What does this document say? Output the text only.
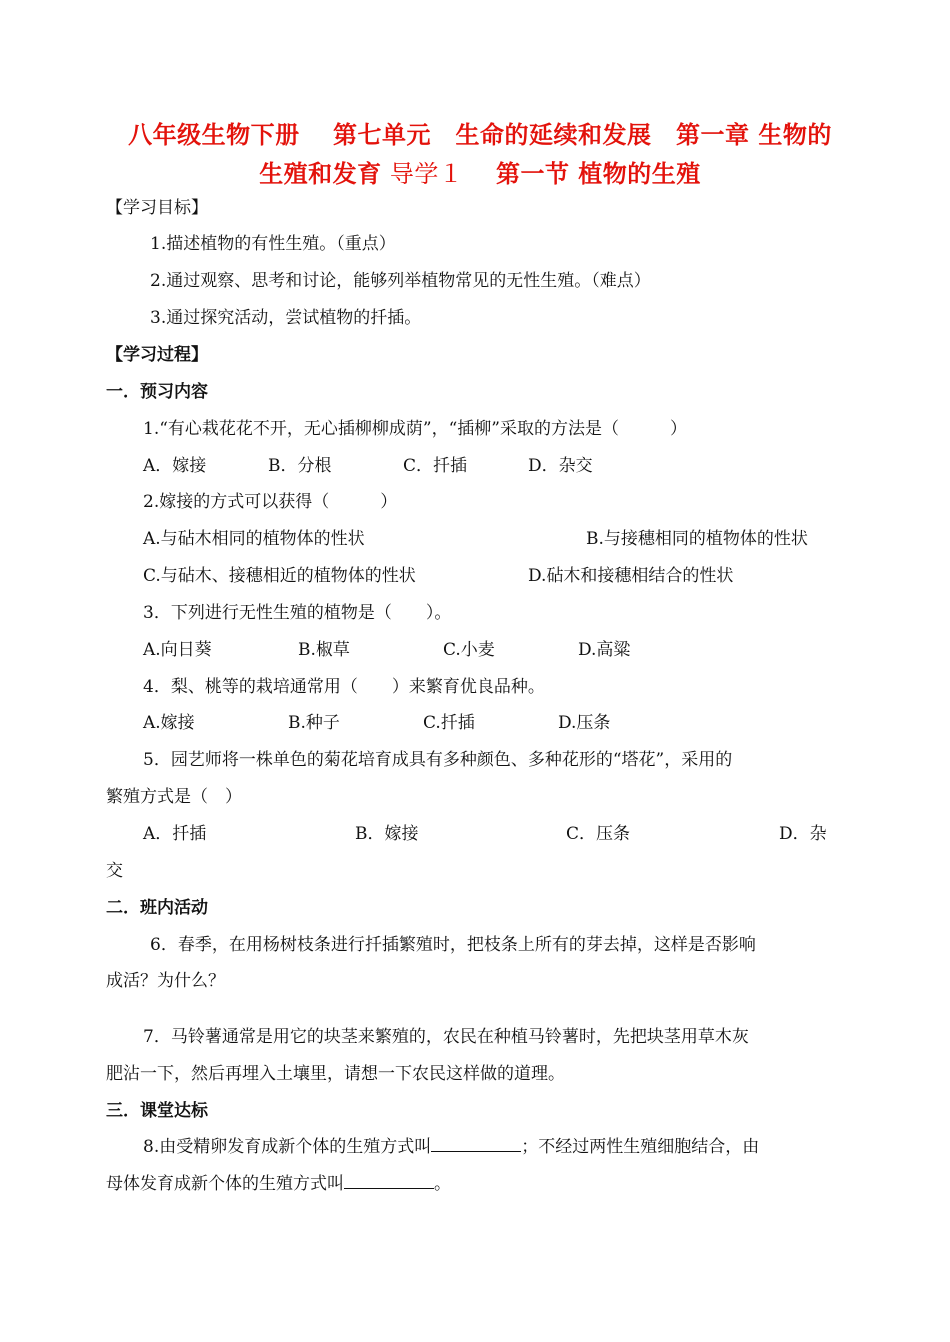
八年级生物下册　 第七单元　生命的延续和发展　第一章 生物的
生殖和发育 导学１ 　第一节 植物的生殖
【学习目标】
1.描述植物的有性生殖。（重点）
2.通过观察、思考和讨论，能够列举植物常见的无性生殖。（难点）
3.通过探究活动，尝试植物的扦插。
【学习过程】
一．预习内容
1.“有心栽花花不开，无心插柳柳成荫”，“插柳”采取的方法是（　　　）
A．嫁接	B．分根	C．扦插	D．杂交
2.嫁接的方式可以获得（　　　）
A.与砧木相同的植物体的性状	B.与接穗相同的植物体的性状
C.与砧木、接穗相近的植物体的性状	D.砧木和接穗相结合的性状
3．下列进行无性生殖的植物是（　　）。
A.向日葵	B.椒草	C.小麦	D.高粱
4．梨、桃等的栽培通常用（　　）来繁育优良品种。
A.嫁接	B.种子	C.扦插	D.压条
5．园艺师将一株单色的菊花培育成具有多种颜色、多种花形的“塔花”，采用的
繁殖方式是（　）
A．扦插	B．嫁接	C．压条	D．杂
交
二．班内活动
6．春季，在用杨树枝条进行扦插繁殖时，把枝条上所有的芽去掉，这样是否影响
成活？为什么？
7．马铃薯通常是用它的块茎来繁殖的，农民在种植马铃薯时，先把块茎用草木灰
肥沾一下，然后再埋入土壤里，请想一下农民这样做的道理。
三．课堂达标
8.由受精卵发育成新个体的生殖方式叫	；不经过两性生殖细胞结合，由
母体发育成新个体的生殖方式叫	。
